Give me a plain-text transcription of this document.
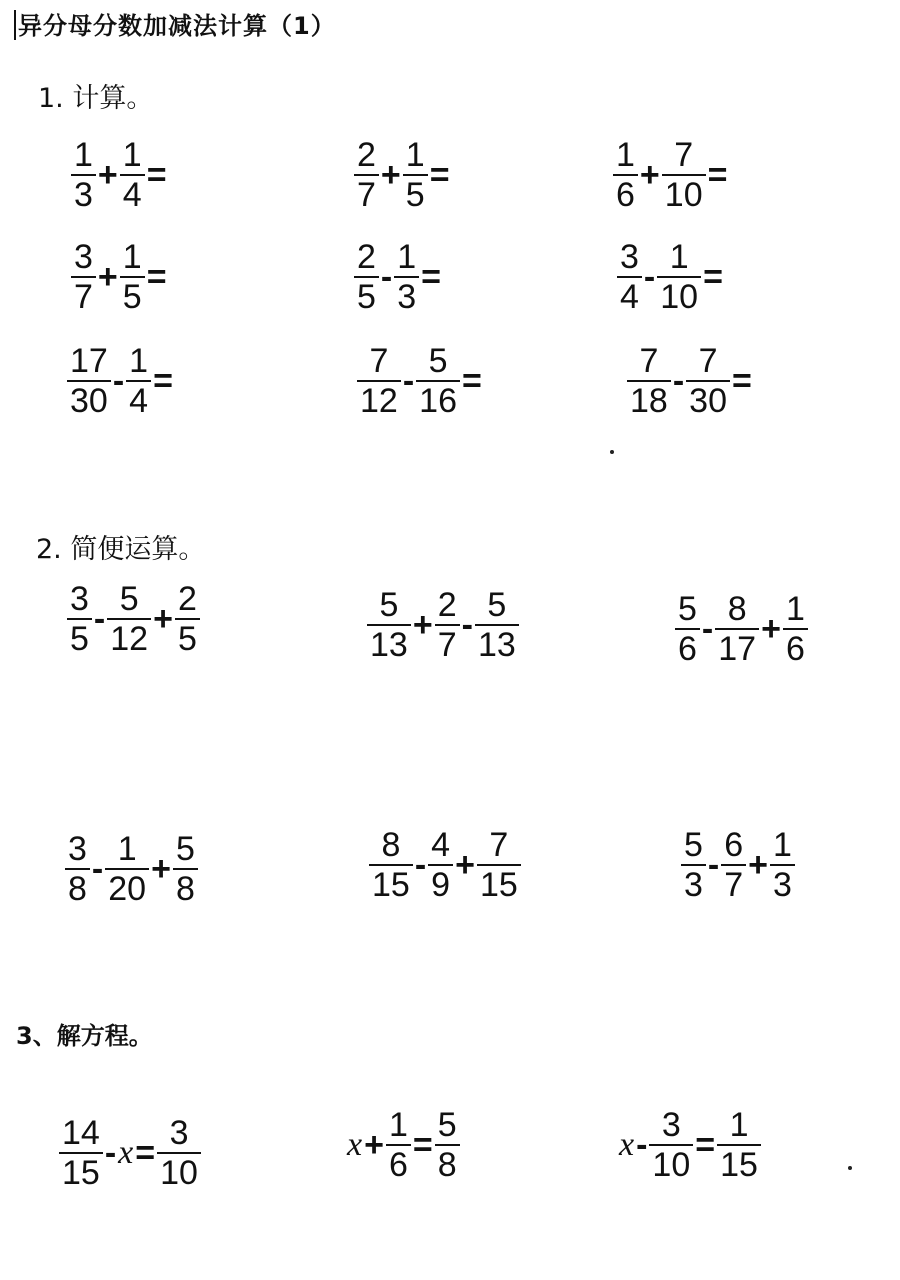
异分母分数加减法计算（1）
1. 计算。
2. 简便运算。
3、解方程。
$\frac{1}{3} + \frac{1}{4}$ =	$\frac{2}{7} + \frac{1}{5}$ =	$\frac{1}{6} + \frac{7}{10}$ =
$\frac{3}{7} + \frac{1}{5}$ =	$\frac{2}{5} - \frac{1}{3}$ =	$\frac{3}{4} - \frac{1}{10}$ =
$\frac{17}{30} - \frac{1}{4}$ =	$\frac{7}{12} - \frac{5}{16}$ =	$\frac{7}{18} - \frac{7}{30}$ =
$\frac{3}{5} - \frac{5}{12} + \frac{2}{5}$	$\frac{5}{13} + \frac{2}{7} - \frac{5}{13}$	$\frac{5}{6} - \frac{8}{17} + \frac{1}{6}$
$\frac{3}{8} - \frac{1}{20} + \frac{5}{8}$	$\frac{8}{15} - \frac{4}{9} + \frac{7}{15}$	$\frac{5}{3} - \frac{6}{7} + \frac{1}{3}$
$\frac{14}{15} - x = \frac{3}{10}$	$x + \frac{1}{6} = \frac{5}{8}$	$x - \frac{3}{10} = \frac{1}{15}$
